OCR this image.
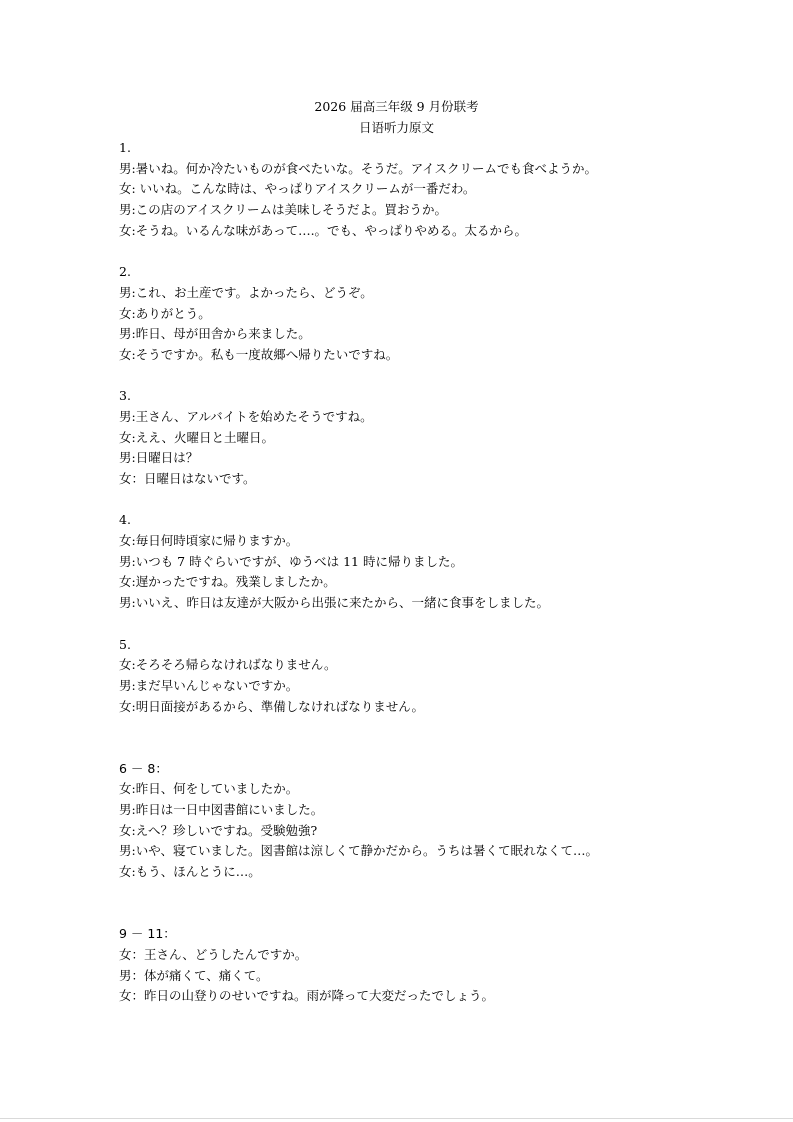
2026 届高三年级 9 月份联考
日语听力原文
1.
男:暑いね。何か冷たいものが食べたいな。そうだ。アイスクリームでも食べようか。
女: いいね。こんな時は、やっぱりアイスクリームが一番だわ。
男:この店のアイスクリームは美味しそうだよ。買おうか。
女:そうね。いるんな味があって….。でも、やっぱりやめる。太るから。
2.
男:これ、お土産です。よかったら、どうぞ。
女:ありがとう。
男:昨日、母が田舎から来ました。
女:そうですか。私も一度故郷へ帰りたいですね。
3.
男:王さん、アルバイトを始めたそうですね。
女:ええ、火曜日と土曜日。
男:日曜日は？
女：日曜日はないです。
4.
女:毎日何時頃家に帰りますか。
男:いつも 7 時ぐらいですが、ゆうべは 11 時に帰りました。
女:遅かったですね。残業しましたか。
男:いいえ、昨日は友達が大阪から出張に来たから、一緒に食事をしました。
5.
女:そろそろ帰らなければなりません。
男:まだ早いんじゃないですか。
女:明日面接があるから、準備しなければなりません。
6 － 8：
女:昨日、何をしていましたか。
男:昨日は一日中図書館にいました。
女:えへ？珍しいですね。受験勉強?
男:いや、寝ていました。図書館は涼しくて静かだから。うちは暑くて眠れなくて…。
女:もう、ほんとうに…。
9 － 11：
女：王さん、どうしたんですか。
男：体が痛くて、痛くて。
女：昨日の山登りのせいですね。雨が降って大変だったでしょう。
